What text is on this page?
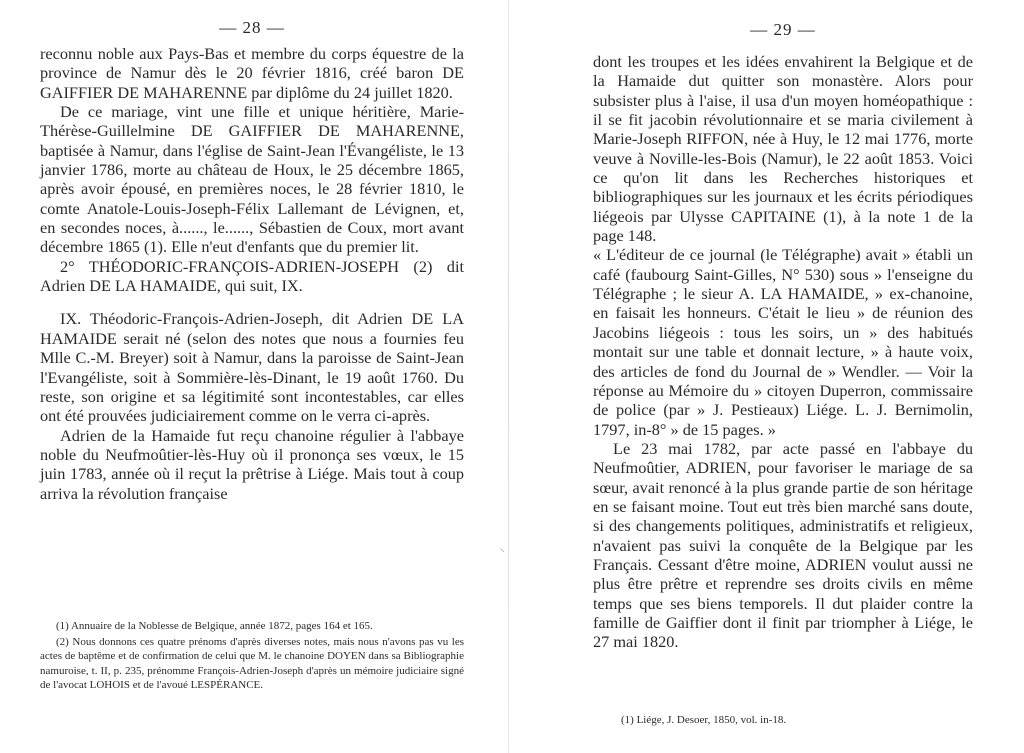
⸌
— 28 —

reconnu noble aux Pays-Bas et membre du corps équestre de la province de Namur dès le 20 février 1816, créé baron DE GAIFFIER DE MAHARENNE par diplôme du 24 juillet 1820.

De ce mariage, vint une fille et unique héritière, Marie-Thérèse-Guillelmine DE GAIFFIER DE MAHARENNE, baptisée à Namur, dans l'église de Saint-Jean l'Évangéliste, le 13 janvier 1786, morte au château de Houx, le 25 décembre 1865, après avoir épousé, en premières noces, le 28 février 1810, le comte Anatole-Louis-Joseph-Félix Lallemant de Lévignen, et, en secondes noces, à......, le......, Sébastien de Coux, mort avant décembre 1865 (1). Elle n'eut d'enfants que du premier lit.

2° THÉODORIC-FRANÇOIS-ADRIEN-JOSEPH (2) dit Adrien DE LA HAMAIDE, qui suit, IX.

IX. Théodoric-François-Adrien-Joseph, dit Adrien DE LA HAMAIDE serait né (selon des notes que nous a fournies feu Mlle C.-M. Breyer) soit à Namur, dans la paroisse de Saint-Jean l'Evangéliste, soit à Sommière-lès-Dinant, le 19 août 1760. Du reste, son origine et sa légitimité sont incontestables, car elles ont été prouvées judiciairement comme on le verra ci-après.

Adrien de la Hamaide fut reçu chanoine régulier à l'abbaye noble du Neufmoûtier-lès-Huy où il prononça ses vœux, le 15 juin 1783, année où il reçut la prêtrise à Liége. Mais tout à coup arriva la révolution française

(1) Annuaire de la Noblesse de Belgique, année 1872, pages 164 et 165.

(2) Nous donnons ces quatre prénoms d'après diverses notes, mais nous n'avons pas vu les actes de baptême et de confirmation de celui que M. le chanoine DOYEN dans sa Bibliographie namuroise, t. II, p. 235, prénomme François-Adrien-Joseph d'après un mémoire judiciaire signé de l'avocat LOHOIS et de l'avoué LESPÉRANCE.

— 29 —

dont les troupes et les idées envahirent la Belgique et de la Hamaide dut quitter son monastère. Alors pour subsister plus à l'aise, il usa d'un moyen homéopathique : il se fit jacobin révolutionnaire et se maria civilement à Marie-Joseph RIFFON, née à Huy, le 12 mai 1776, morte veuve à Noville-les-Bois (Namur), le 22 août 1853. Voici ce qu'on lit dans les Recherches historiques et bibliographiques sur les journaux et les écrits périodiques liégeois par Ulysse CAPITAINE (1), à la note 1 de la page 148.

« L'éditeur de ce journal (le Télégraphe) avait » établi un café (faubourg Saint-Gilles, N° 530) sous » l'enseigne du Télégraphe ; le sieur A. LA HAMAIDE, » ex-chanoine, en faisait les honneurs. C'était le lieu » de réunion des Jacobins liégeois : tous les soirs, un » des habitués montait sur une table et donnait lecture, » à haute voix, des articles de fond du Journal de » Wendler. — Voir la réponse au Mémoire du » citoyen Duperron, commissaire de police (par » J. Pestieaux) Liége. L. J. Bernimolin, 1797, in-8° » de 15 pages. »

Le 23 mai 1782, par acte passé en l'abbaye du Neufmoûtier, ADRIEN, pour favoriser le mariage de sa sœur, avait renoncé à la plus grande partie de son héritage en se faisant moine. Tout eut très bien marché sans doute, si des changements politiques, administratifs et religieux, n'avaient pas suivi la conquête de la Belgique par les Français. Cessant d'être moine, ADRIEN voulut aussi ne plus être prêtre et reprendre ses droits civils en même temps que ses biens temporels. Il dut plaider contre la famille de Gaiffier dont il finit par triompher à Liége, le 27 mai 1820.

(1) Liége, J. Desoer, 1850, vol. in-18.
